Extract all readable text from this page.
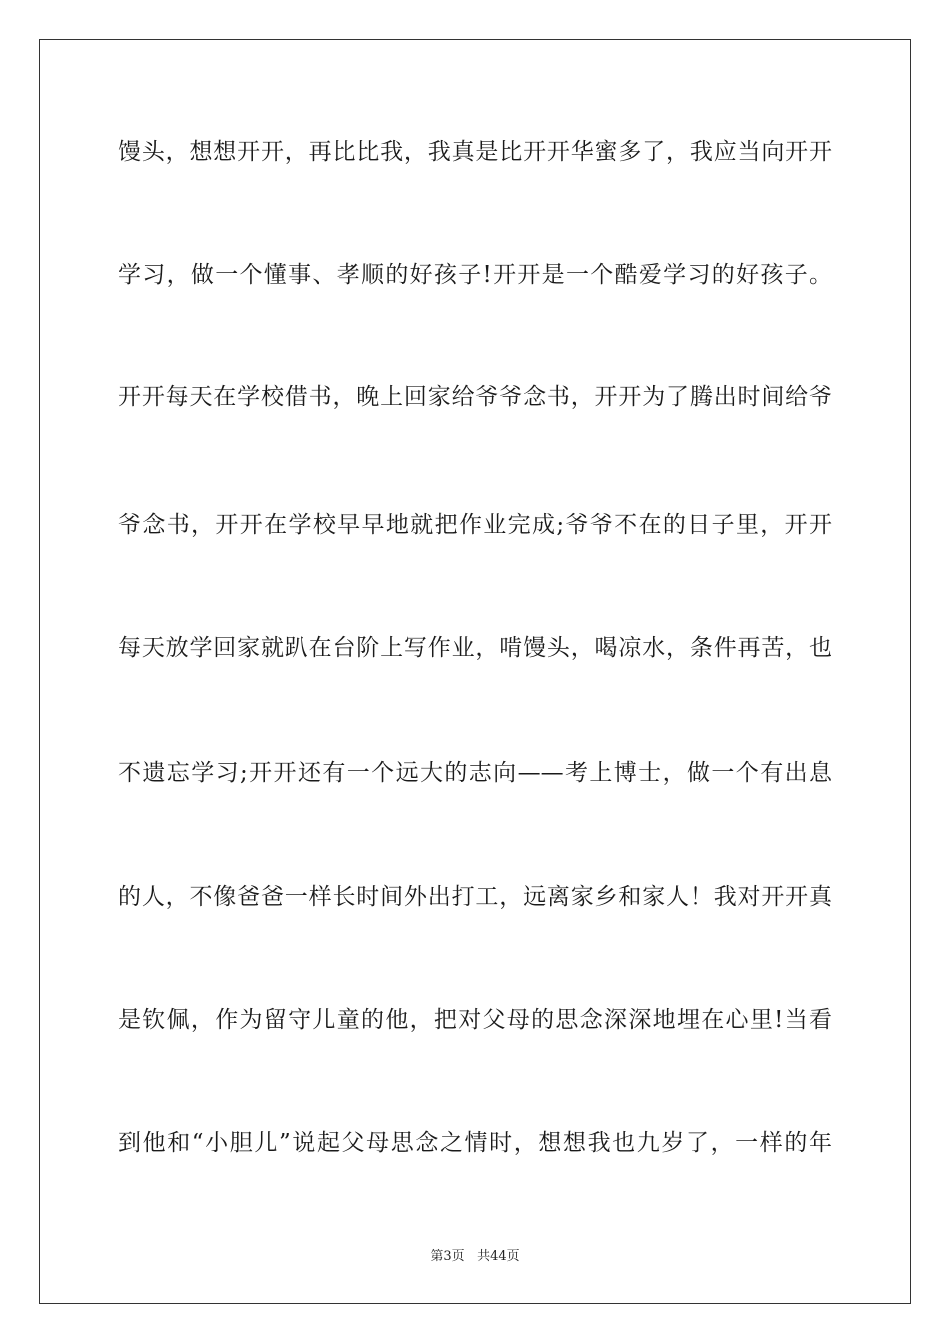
馒头，想想开开，再比比我，我真是比开开华蜜多了，我应当向开开
学习，做一个懂事、孝顺的好孩子!开开是一个酷爱学习的好孩子。
开开每天在学校借书，晚上回家给爷爷念书，开开为了腾出时间给爷
爷念书，开开在学校早早地就把作业完成;爷爷不在的日子里，开开
每天放学回家就趴在台阶上写作业，啃馒头，喝凉水，条件再苦，也
不遗忘学习;开开还有一个远大的志向——考上博士，做一个有出息
的人，不像爸爸一样长时间外出打工，远离家乡和家人！我对开开真
是钦佩，作为留守儿童的他，把对父母的思念深深地埋在心里!当看
到他和“小胆儿”说起父母思念之情时，想想我也九岁了，一样的年
第3页 共44页
